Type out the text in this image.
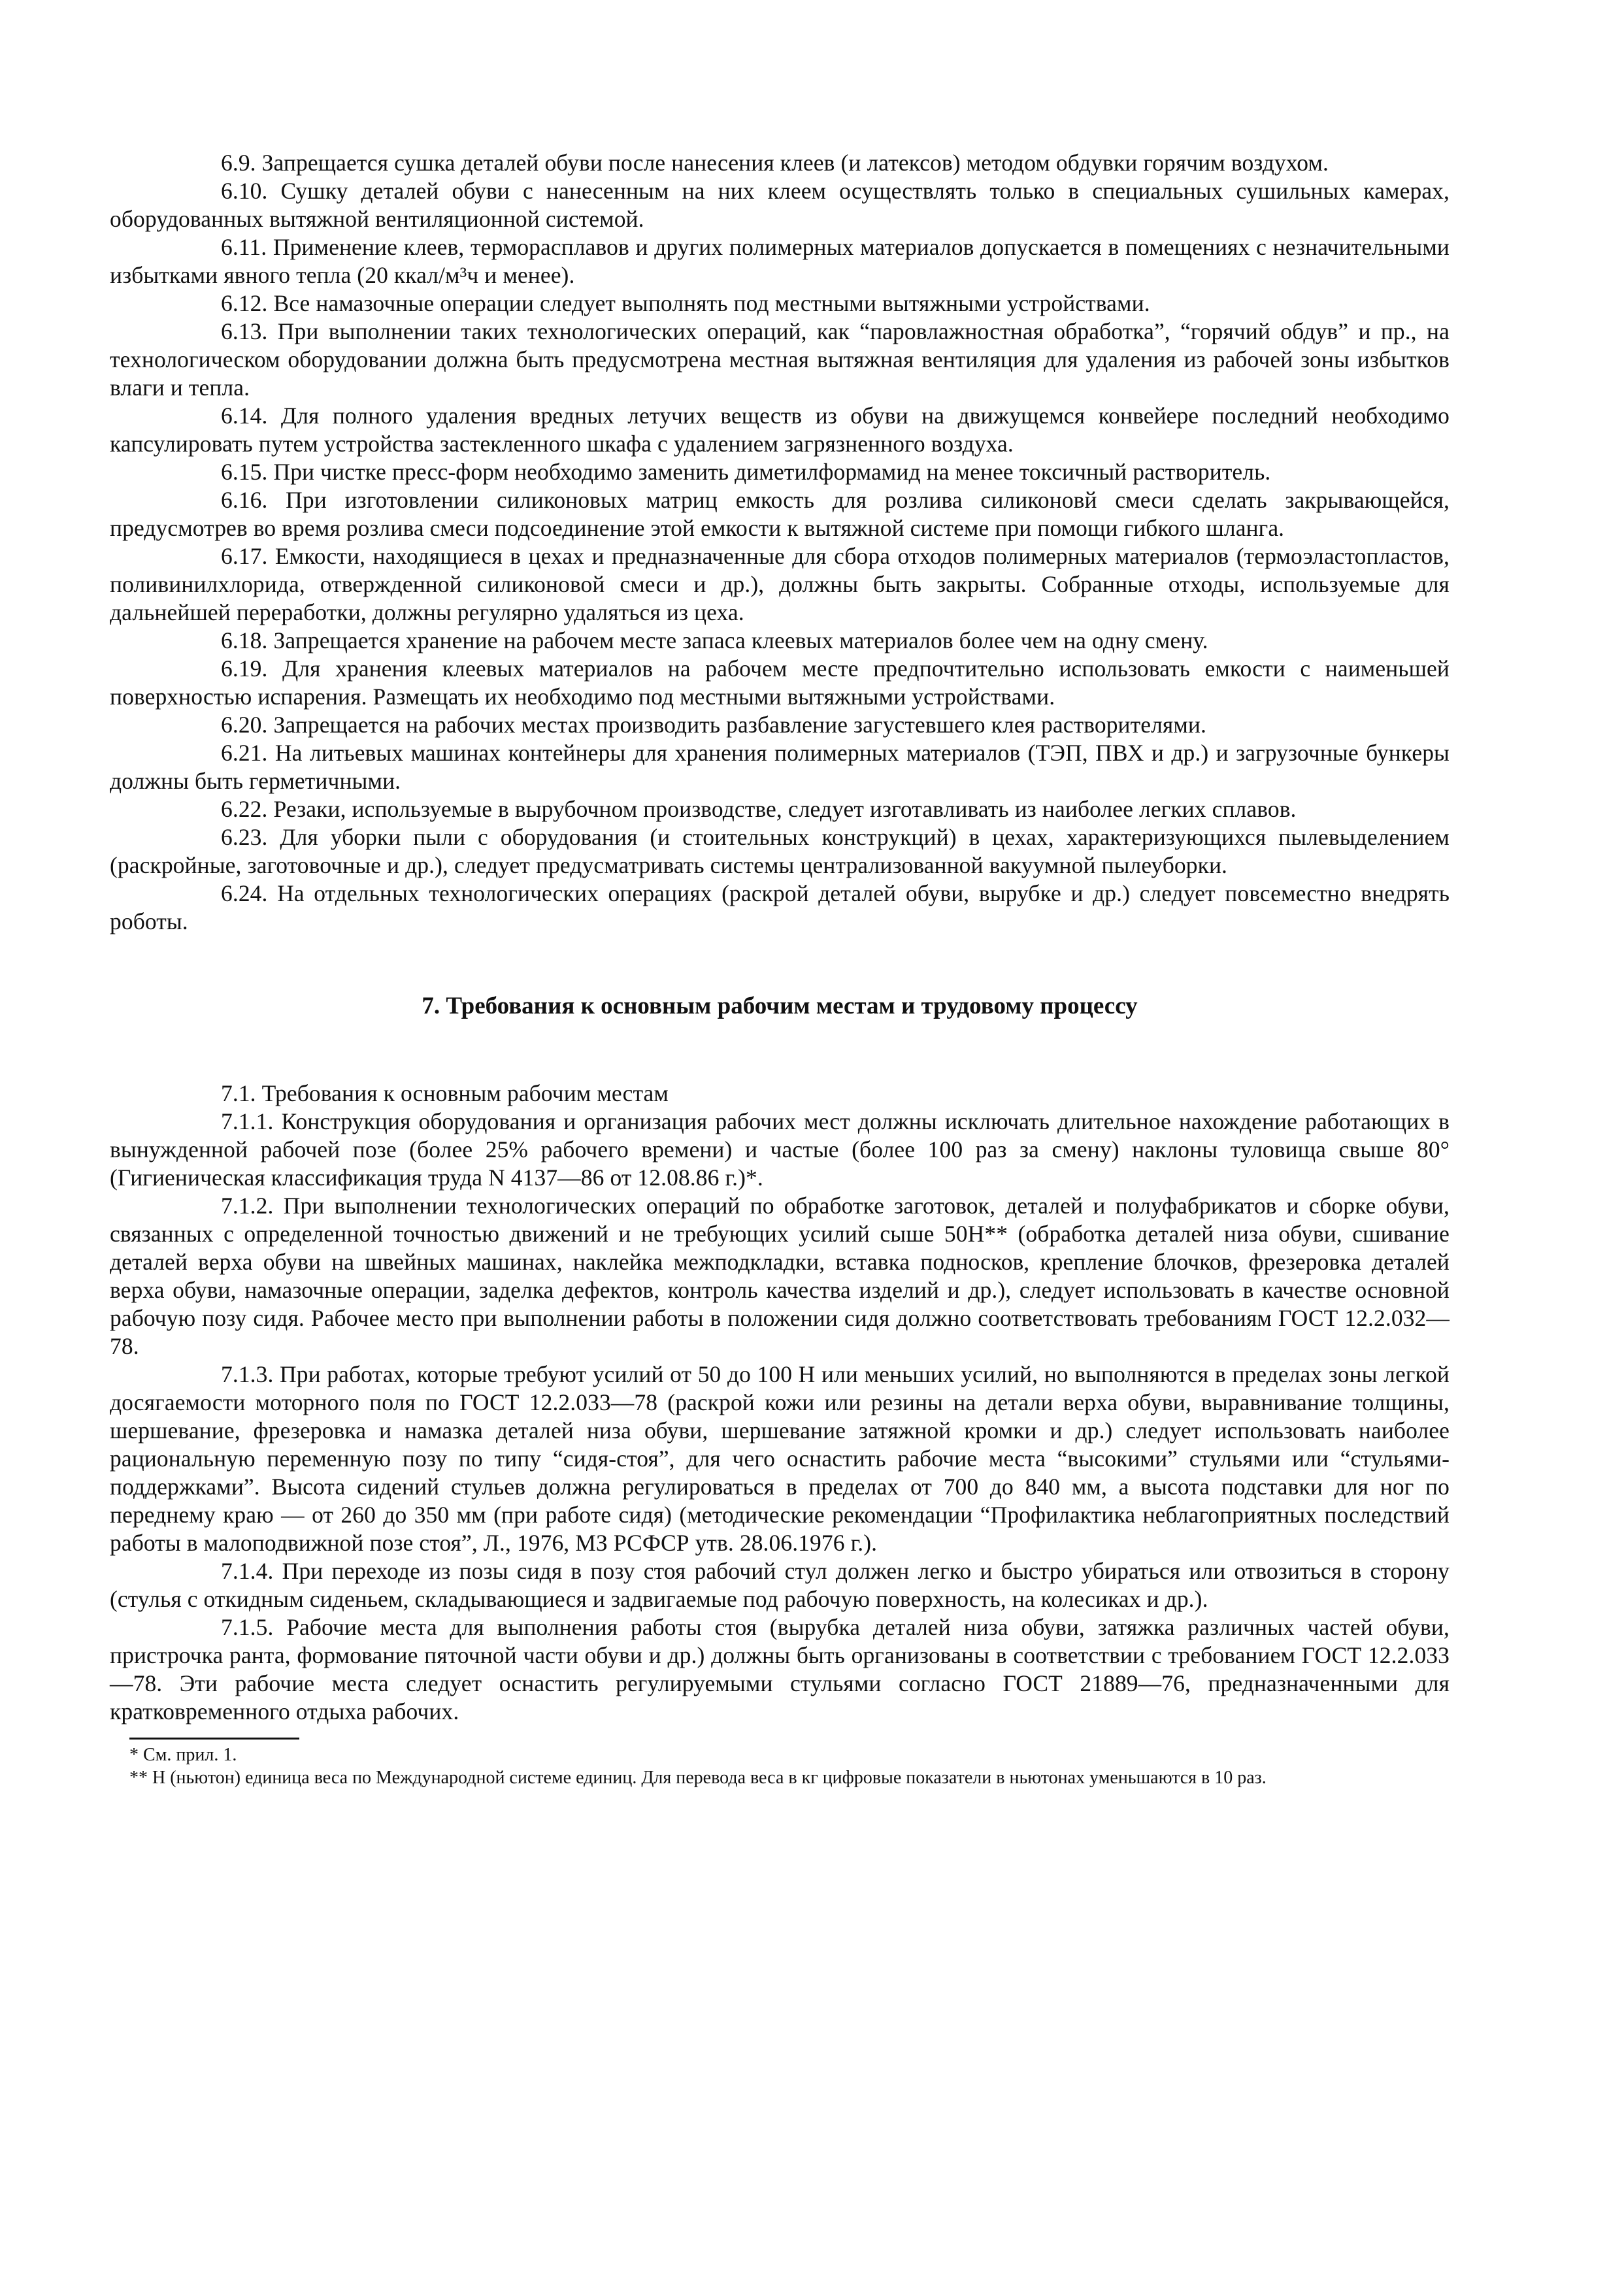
6.9. Запрещается сушка деталей обуви после нанесения клеев (и латексов) методом обдувки горячим воздухом.

6.10. Сушку деталей обуви с нанесенным на них клеем осуществлять только в специальных сушильных камерах, оборудованных вытяжной вентиляционной системой.

6.11. Применение клеев, терморасплавов и других полимерных материалов допускается в помещениях с незначительными избытками явного тепла (20 ккал/м³ч и менее).

6.12. Все намазочные операции следует выполнять под местными вытяжными устройствами.

6.13. При выполнении таких технологических операций, как “паровлажностная обработка”, “горячий обдув” и пр., на технологическом оборудовании должна быть предусмотрена местная вытяжная вентиляция для удаления из рабочей зоны избытков влаги и тепла.

6.14. Для полного удаления вредных летучих веществ из обуви на движущемся конвейере последний необходимо капсулировать путем устройства застекленного шкафа с удалением загрязненного воздуха.

6.15. При чистке пресс-форм необходимо заменить диметилформамид на менее токсичный растворитель.

6.16. При изготовлении силиконовых матриц емкость для розлива силиконовй смеси сделать закрывающейся, предусмотрев во время розлива смеси подсоединение этой емкости к вытяжной системе при помощи гибкого шланга.

6.17. Емкости, находящиеся в цехах и предназначенные для сбора отходов полимерных материалов (термоэластопластов, поливинилхлорида, отвержденной силиконовой смеси и др.), должны быть закрыты. Собранные отходы, используемые для дальнейшей переработки, должны регулярно удаляться из цеха.

6.18. Запрещается хранение на рабочем месте запаса клеевых материалов более чем на одну смену.

6.19. Для хранения клеевых материалов на рабочем месте предпочтительно использовать емкости с наименьшей поверхностью испарения. Размещать их необходимо под местными вытяжными устройствами.

6.20. Запрещается на рабочих местах производить разбавление загустевшего клея растворителями.

6.21. На литьевых машинах контейнеры для хранения полимерных материалов (ТЭП, ПВХ и др.) и загрузочные бункеры должны быть герметичными.

6.22. Резаки, используемые в вырубочном производстве, следует изготавливать из наиболее легких сплавов.

6.23. Для уборки пыли с оборудования (и стоительных конструкций) в цехах, характеризующихся пылевыделением (раскройные, заготовочные и др.), следует предусматривать системы централизованной вакуумной пылеуборки.

6.24. На отдельных технологических операциях (раскрой деталей обуви, вырубке и др.) следует повсеместно внедрять роботы.

7. Требования к основным рабочим местам и трудовому процессу

7.1. Требования к основным рабочим местам

7.1.1. Конструкция оборудования и организация рабочих мест должны исключать длительное нахождение работающих в вынужденной рабочей позе (более 25% рабочего времени) и частые (более 100 раз за смену) наклоны туловища свыше 80° (Гигиеническая классификация труда N 4137—86 от 12.08.86 г.)*.

7.1.2. При выполнении технологических операций по обработке заготовок, деталей и полуфабрикатов и сборке обуви, связанных с определенной точностью движений и не требующих усилий сыше 50Н** (обработка деталей низа обуви, сшивание деталей верха обуви на швейных машинах, наклейка межподкладки, вставка подносков, крепление блочков, фрезеровка деталей верха обуви, намазочные операции, заделка дефектов, контроль качества изделий и др.), следует использовать в качестве основной рабочую позу сидя. Рабочее место при выполнении работы в положении сидя должно соответствовать требованиям ГОСТ 12.2.032—78.

7.1.3. При работах, которые требуют усилий от 50 до 100 Н или меньших усилий, но выполняются в пределах зоны легкой досягаемости моторного поля по ГОСТ 12.2.033—78 (раскрой кожи или резины на детали верха обуви, выравнивание толщины, шершевание, фрезеровка и намазка деталей низа обуви, шершевание затяжной кромки и др.) следует использовать наиболее рациональную переменную позу по типу “сидя-стоя”, для чего оснастить рабочие места “высокими” стульями или “стульями-поддержками”. Высота сидений стульев должна регулироваться в пределах от 700 до 840 мм, а высота подставки для ног по переднему краю — от 260 до 350 мм (при работе сидя) (методические рекомендации “Профилактика неблагоприятных последствий работы в малоподвижной позе стоя”, Л., 1976, МЗ РСФСР утв. 28.06.1976 г.).

7.1.4. При переходе из позы сидя в позу стоя рабочий стул должен легко и быстро убираться или отвозиться в сторону (стулья с откидным сиденьем, складывающиеся и задвигаемые под рабочую поверхность, на колесиках и др.).

7.1.5. Рабочие места для выполнения работы стоя (вырубка деталей низа обуви, затяжка различных частей обуви, пристрочка ранта, формование пяточной части обуви и др.) должны быть организованы в соответствии с требованием ГОСТ 12.2.033—78. Эти рабочие места следует оснастить регулируемыми стульями согласно ГОСТ 21889—76, предназначенными для кратковременного отдыха рабочих.

* См. прил. 1.

** Н (ньютон) единица веса по Международной системе единиц. Для перевода веса в кг цифровые показатели в ньютонах уменьшаются в 10 раз.
